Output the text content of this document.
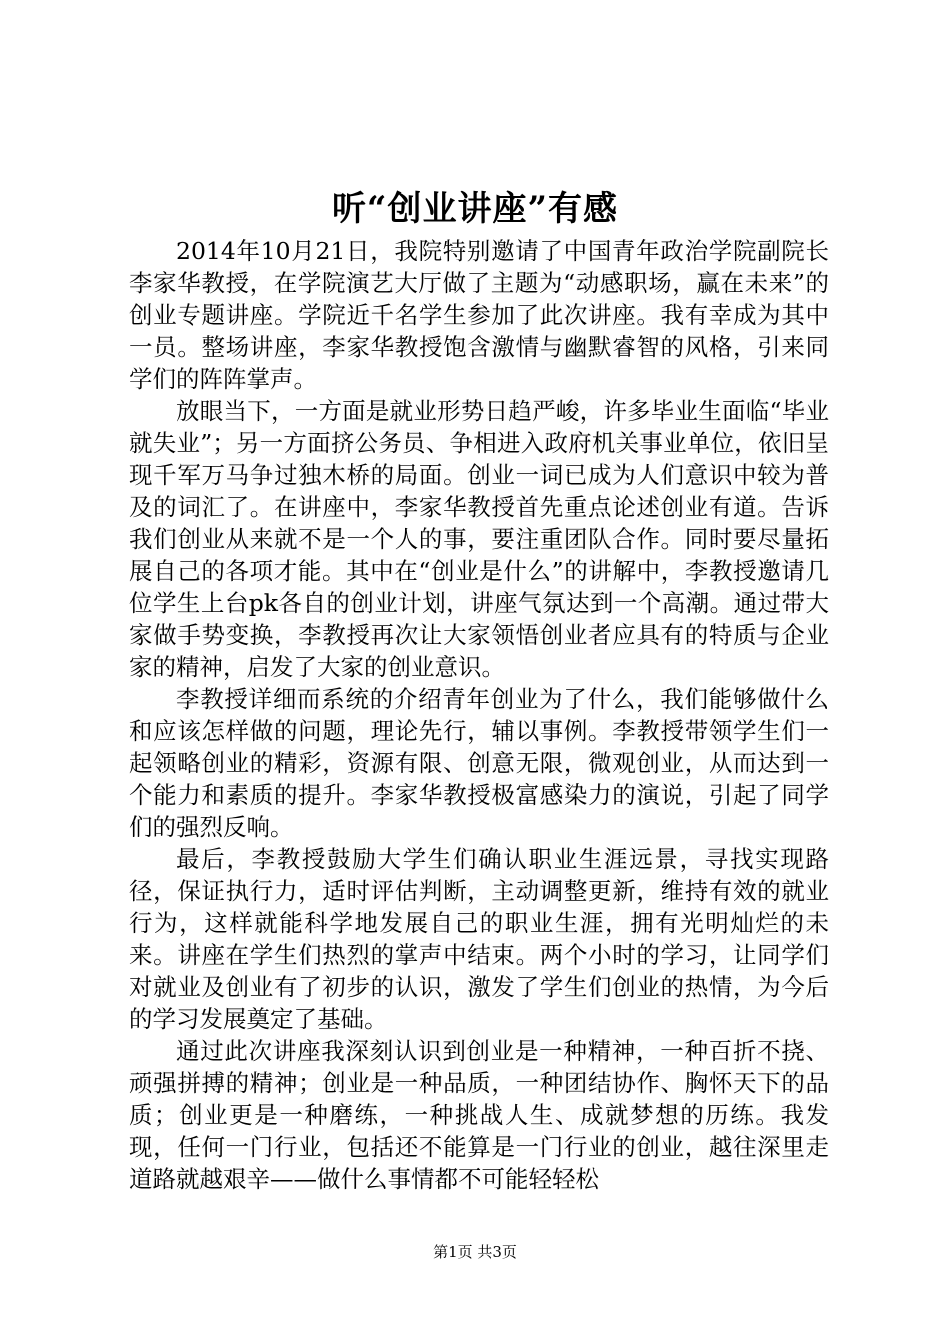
听“创业讲座”有感

2014年10月21日，我院特别邀请了中国青年政治学院副院长李家华教授，在学院演艺大厅做了主题为“动感职场，赢在未来”的创业专题讲座。学院近千名学生参加了此次讲座。我有幸成为其中一员。整场讲座，李家华教授饱含激情与幽默睿智的风格，引来同学们的阵阵掌声。

放眼当下，一方面是就业形势日趋严峻，许多毕业生面临“毕业就失业”；另一方面挤公务员、争相进入政府机关事业单位，依旧呈现千军万马争过独木桥的局面。创业一词已成为人们意识中较为普及的词汇了。在讲座中，李家华教授首先重点论述创业有道。告诉我们创业从来就不是一个人的事，要注重团队合作。同时要尽量拓展自己的各项才能。其中在“创业是什么”的讲解中，李教授邀请几位学生上台pk各自的创业计划，讲座气氛达到一个高潮。通过带大家做手势变换，李教授再次让大家领悟创业者应具有的特质与企业家的精神，启发了大家的创业意识。

李教授详细而系统的介绍青年创业为了什么，我们能够做什么和应该怎样做的问题，理论先行，辅以事例。李教授带领学生们一起领略创业的精彩，资源有限、创意无限，微观创业，从而达到一个能力和素质的提升。李家华教授极富感染力的演说，引起了同学们的强烈反响。

最后，李教授鼓励大学生们确认职业生涯远景，寻找实现路径，保证执行力，适时评估判断，主动调整更新，维持有效的就业行为，这样就能科学地发展自己的职业生涯，拥有光明灿烂的未来。讲座在学生们热烈的掌声中结束。两个小时的学习，让同学们对就业及创业有了初步的认识，激发了学生们创业的热情，为今后的学习发展奠定了基础。

通过此次讲座我深刻认识到创业是一种精神，一种百折不挠、顽强拼搏的精神；创业是一种品质，一种团结协作、胸怀天下的品质；创业更是一种磨练，一种挑战人生、成就梦想的历练。我发现，任何一门行业，包括还不能算是一门行业的创业，越往深里走道路就越艰辛——做什么事情都不可能轻轻松

第1页 共3页
